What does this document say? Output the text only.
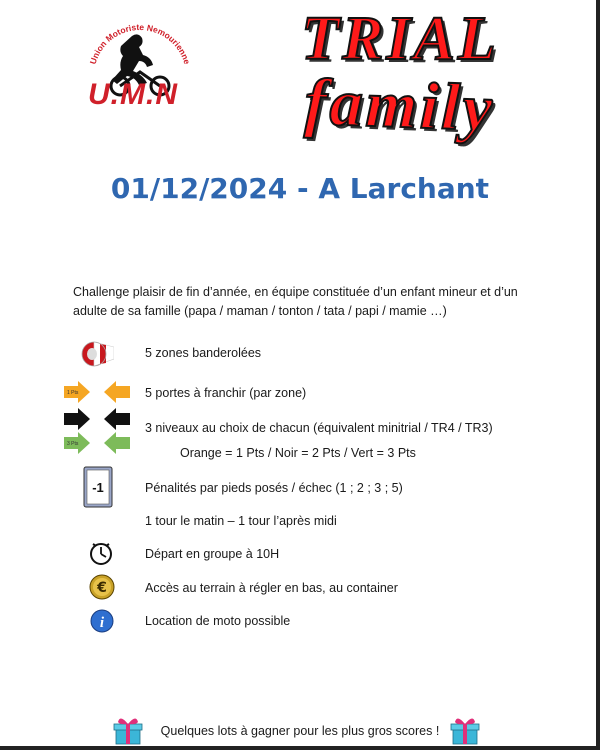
Union Motoriste Nemourienne
U.M.N
TRIAL
family
01/12/2024 - A Larchant
Challenge plaisir de fin d’année, en équipe constituée d’un enfant mineur et d’un adulte de sa famille (papa / maman / tonton / tata / papi / mamie …)
5 zones banderolées
1 Pts	5 portes à franchir (par zone)
3 Pts
3 niveaux au choix de chacun (équivalent minitrial / TR4 / TR3)
Orange = 1 Pts / Noir = 2 Pts / Vert = 3 Pts
-1	Pénalités par pieds posés / échec (1 ; 2 ; 3 ; 5)
1 tour le matin – 1 tour l’après midi
Départ en groupe à 10H
€	Accès au terrain à régler en bas, au container
i	Location de moto possible
Quelques lots à gagner pour les plus gros scores !
